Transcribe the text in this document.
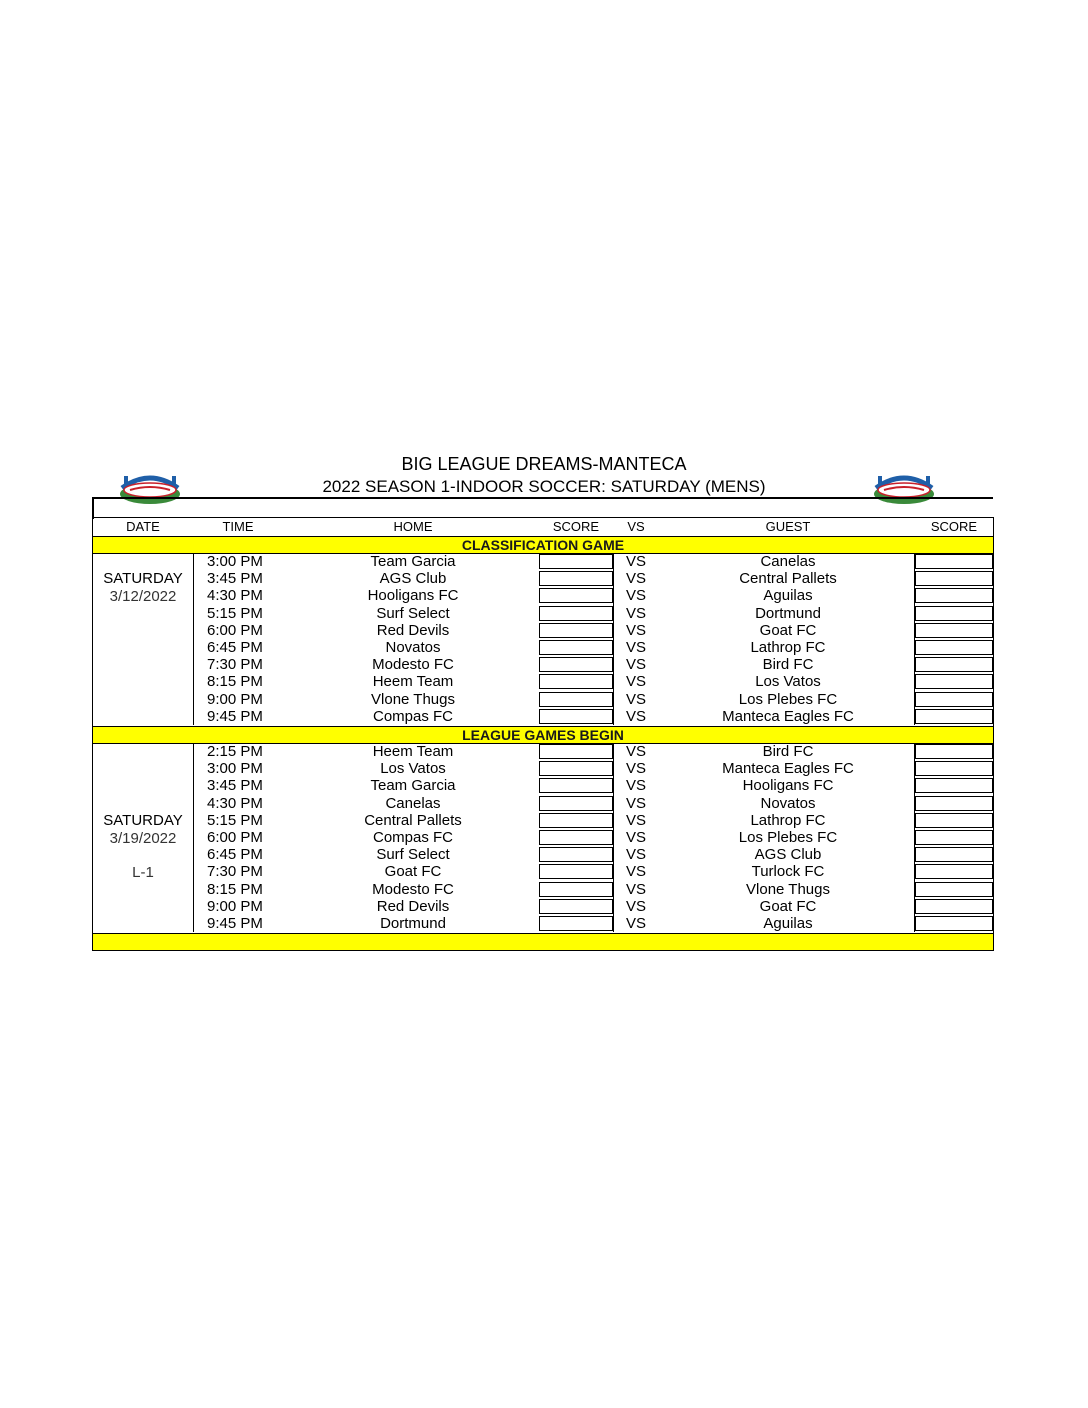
BIG LEAGUE DREAMS-MANTECA
2022 SEASON 1-INDOOR SOCCER: SATURDAY (MENS)
DATE	TIME	HOME	SCORE	VS	GUEST	SCORE
CLASSIFICATION GAME
SATURDAY
3/12/2022
3:00 PM	Team Garcia	VS	Canelas
3:45 PM	AGS Club	VS	Central Pallets
4:30 PM	Hooligans FC	VS	Aguilas
5:15 PM	Surf Select	VS	Dortmund
6:00 PM	Red Devils	VS	Goat FC
6:45 PM	Novatos	VS	Lathrop FC
7:30 PM	Modesto FC	VS	Bird FC
8:15 PM	Heem Team	VS	Los Vatos
9:00 PM	Vlone Thugs	VS	Los Plebes FC
9:45 PM	Compas FC	VS	Manteca Eagles FC
LEAGUE GAMES BEGIN
SATURDAY
3/19/2022
L-1
2:15 PM	Heem Team	VS	Bird FC
3:00 PM	Los Vatos	VS	Manteca Eagles FC
3:45 PM	Team Garcia	VS	Hooligans FC
4:30 PM	Canelas	VS	Novatos
5:15 PM	Central Pallets	VS	Lathrop FC
6:00 PM	Compas FC	VS	Los Plebes FC
6:45 PM	Surf Select	VS	AGS Club
7:30 PM	Goat FC	VS	Turlock FC
8:15 PM	Modesto FC	VS	Vlone Thugs
9:00 PM	Red Devils	VS	Goat FC
9:45 PM	Dortmund	VS	Aguilas
